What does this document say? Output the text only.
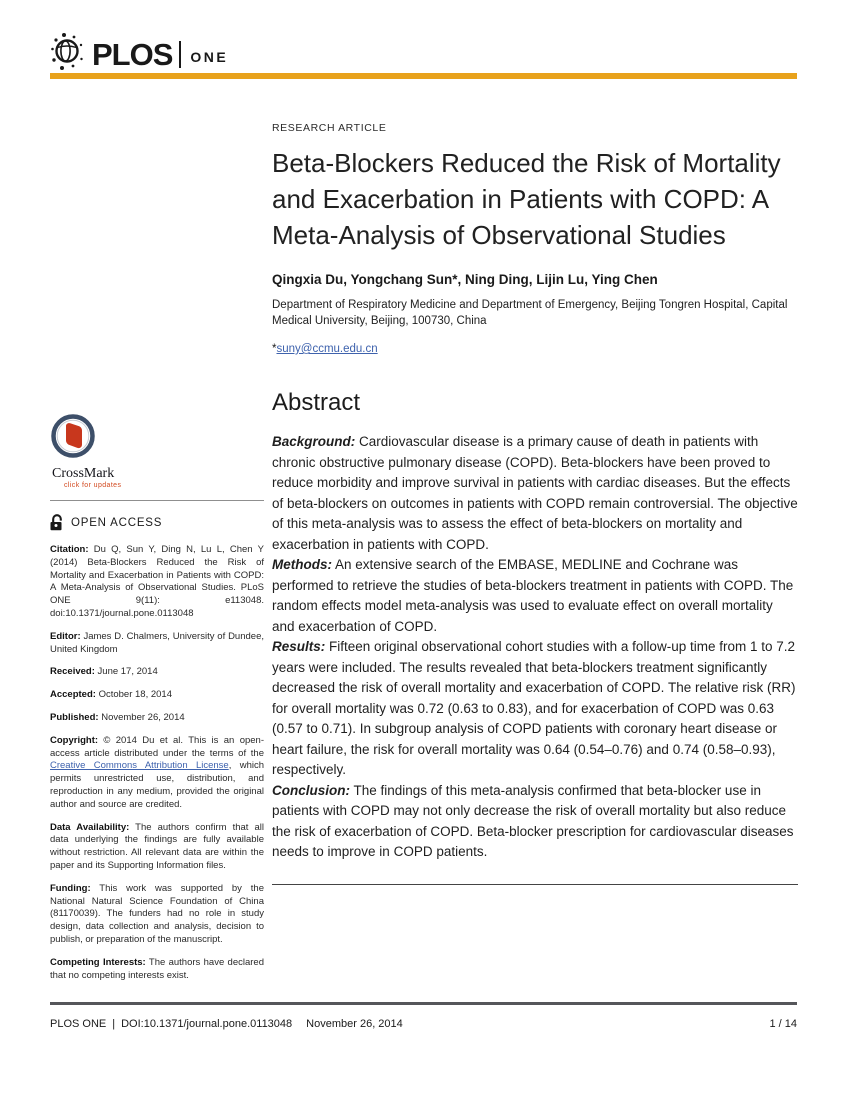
PLOS ONE
CrossMark
click for updates
OPEN ACCESS

Citation: Du Q, Sun Y, Ding N, Lu L, Chen Y (2014) Beta-Blockers Reduced the Risk of Mortality and Exacerbation in Patients with COPD: A Meta-Analysis of Observational Studies. PLoS ONE 9(11): e113048. doi:10.1371/journal.pone.0113048

Editor: James D. Chalmers, University of Dundee, United Kingdom

Received: June 17, 2014

Accepted: October 18, 2014

Published: November 26, 2014

Copyright: © 2014 Du et al. This is an open-access article distributed under the terms of the Creative Commons Attribution License, which permits unrestricted use, distribution, and reproduction in any medium, provided the original author and source are credited.

Data Availability: The authors confirm that all data underlying the findings are fully available without restriction. All relevant data are within the paper and its Supporting Information files.

Funding: This work was supported by the National Natural Science Foundation of China (81170039). The funders had no role in study design, data collection and analysis, decision to publish, or preparation of the manuscript.

Competing Interests: The authors have declared that no competing interests exist.

RESEARCH ARTICLE
Beta-Blockers Reduced the Risk of Mortality and Exacerbation in Patients with COPD: A Meta-Analysis of Observational Studies
Qingxia Du, Yongchang Sun*, Ning Ding, Lijin Lu, Ying Chen
Department of Respiratory Medicine and Department of Emergency, Beijing Tongren Hospital, Capital Medical University, Beijing, 100730, China
*suny@ccmu.edu.cn
Abstract

Background: Cardiovascular disease is a primary cause of death in patients with chronic obstructive pulmonary disease (COPD). Beta-blockers have been proved to reduce morbidity and improve survival in patients with cardiac diseases. But the effects of beta-blockers on outcomes in patients with COPD remain controversial. The objective of this meta-analysis was to assess the effect of beta-blockers on mortality and exacerbation in patients with COPD.

Methods: An extensive search of the EMBASE, MEDLINE and Cochrane was performed to retrieve the studies of beta-blockers treatment in patients with COPD. The random effects model meta-analysis was used to evaluate effect on overall mortality and exacerbation of COPD.

Results: Fifteen original observational cohort studies with a follow-up time from 1 to 7.2 years were included. The results revealed that beta-blockers treatment significantly decreased the risk of overall mortality and exacerbation of COPD. The relative risk (RR) for overall mortality was 0.72 (0.63 to 0.83), and for exacerbation of COPD was 0.63 (0.57 to 0.71). In subgroup analysis of COPD patients with coronary heart disease or heart failure, the risk for overall mortality was 0.64 (0.54–0.76) and 0.74 (0.58–0.93), respectively.

Conclusion: The findings of this meta-analysis confirmed that beta-blocker use in patients with COPD may not only decrease the risk of overall mortality but also reduce the risk of exacerbation of COPD. Beta-blocker prescription for cardiovascular diseases needs to improve in COPD patients.

PLOS ONE | DOI:10.1371/journal.pone.0113048 November 26, 2014	1 / 14
